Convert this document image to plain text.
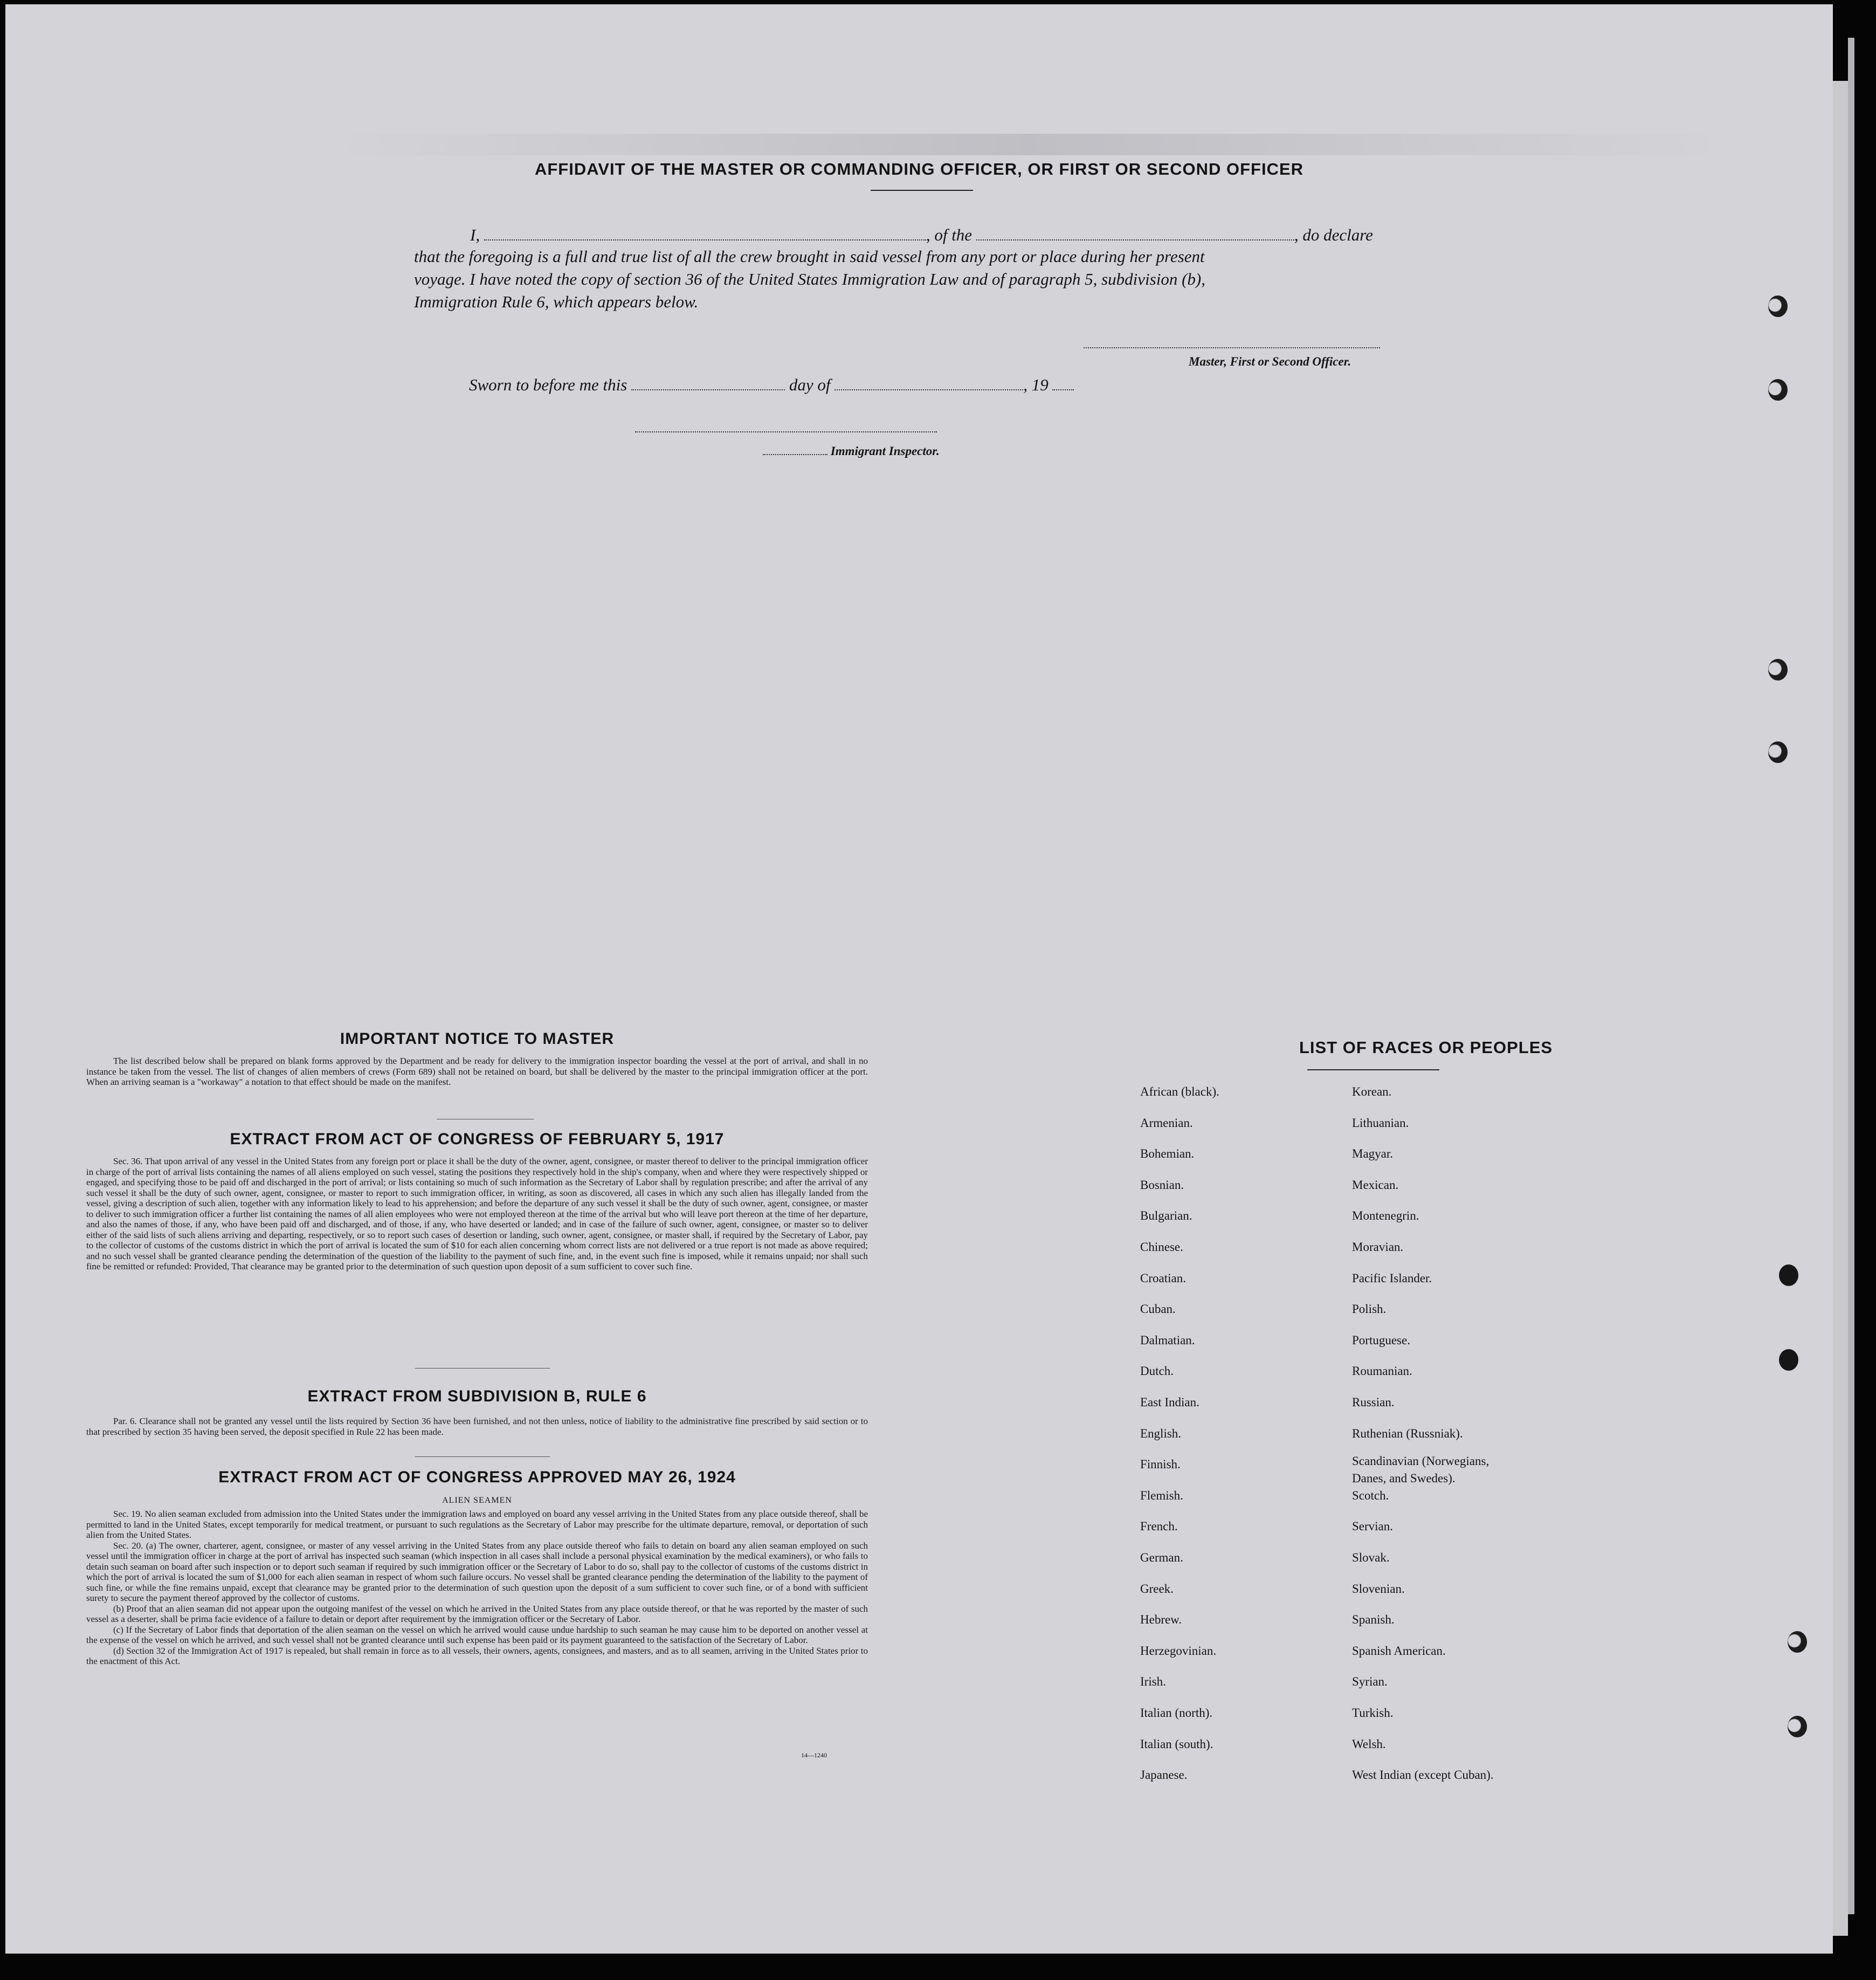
AFFIDAVIT OF THE MASTER OR COMMANDING OFFICER, OR FIRST OR SECOND OFFICER
I,	, of the	, do declare
that the foregoing is a full and true list of all the crew brought in said vessel from any port or place during her present
voyage. I have noted the copy of section 36 of the United States Immigration Law and of paragraph 5, subdivision (b),
Immigration Rule 6, which appears below.
Master, First or Second Officer.
Sworn to before me this	day of	, 19
Immigrant Inspector.
IMPORTANT NOTICE TO MASTER

The list described below shall be prepared on blank forms approved by the Department and be ready for delivery to the immigration inspector boarding the vessel at the port of arrival, and shall in no instance be taken from the vessel. The list of changes of alien members of crews (Form 689) shall not be retained on board, but shall be delivered by the master to the principal immigration officer at the port. When an arriving seaman is a "workaway" a notation to that effect should be made on the manifest.

EXTRACT FROM ACT OF CONGRESS OF FEBRUARY 5, 1917

Sec. 36. That upon arrival of any vessel in the United States from any foreign port or place it shall be the duty of the owner, agent, consignee, or master thereof to deliver to the principal immigration officer in charge of the port of arrival lists containing the names of all aliens employed on such vessel, stating the positions they respectively hold in the ship's company, when and where they were respectively shipped or engaged, and specifying those to be paid off and discharged in the port of arrival; or lists containing so much of such information as the Secretary of Labor shall by regulation prescribe; and after the arrival of any such vessel it shall be the duty of such owner, agent, consignee, or master to report to such immigration officer, in writing, as soon as discovered, all cases in which any such alien has illegally landed from the vessel, giving a description of such alien, together with any information likely to lead to his apprehension; and before the departure of any such vessel it shall be the duty of such owner, agent, consignee, or master to deliver to such immigration officer a further list containing the names of all alien employees who were not employed thereon at the time of the arrival but who will leave port thereon at the time of her departure, and also the names of those, if any, who have been paid off and discharged, and of those, if any, who have deserted or landed; and in case of the failure of such owner, agent, consignee, or master so to deliver either of the said lists of such aliens arriving and departing, respectively, or so to report such cases of desertion or landing, such owner, agent, consignee, or master shall, if required by the Secretary of Labor, pay to the collector of customs of the customs district in which the port of arrival is located the sum of $10 for each alien concerning whom correct lists are not delivered or a true report is not made as above required; and no such vessel shall be granted clearance pending the determination of the question of the liability to the payment of such fine, and, in the event such fine is imposed, while it remains unpaid; nor shall such fine be remitted or refunded: Provided, That clearance may be granted prior to the determination of such question upon deposit of a sum sufficient to cover such fine.

EXTRACT FROM SUBDIVISION B, RULE 6

Par. 6. Clearance shall not be granted any vessel until the lists required by Section 36 have been furnished, and not then unless, notice of liability to the administrative fine prescribed by said section or to that prescribed by section 35 having been served, the deposit specified in Rule 22 has been made.

EXTRACT FROM ACT OF CONGRESS APPROVED MAY 26, 1924
ALIEN SEAMEN

Sec. 19. No alien seaman excluded from admission into the United States under the immigration laws and employed on board any vessel arriving in the United States from any place outside thereof, shall be permitted to land in the United States, except temporarily for medical treatment, or pursuant to such regulations as the Secretary of Labor may prescribe for the ultimate departure, removal, or deportation of such alien from the United States.

Sec. 20. (a) The owner, charterer, agent, consignee, or master of any vessel arriving in the United States from any place outside thereof who fails to detain on board any alien seaman employed on such vessel until the immigration officer in charge at the port of arrival has inspected such seaman (which inspection in all cases shall include a personal physical examination by the medical examiners), or who fails to detain such seaman on board after such inspection or to deport such seaman if required by such immigration officer or the Secretary of Labor to do so, shall pay to the collector of customs of the customs district in which the port of arrival is located the sum of $1,000 for each alien seaman in respect of whom such failure occurs. No vessel shall be granted clearance pending the determination of the liability to the payment of such fine, or while the fine remains unpaid, except that clearance may be granted prior to the determination of such question upon the deposit of a sum sufficient to cover such fine, or of a bond with sufficient surety to secure the payment thereof approved by the collector of customs.

(b) Proof that an alien seaman did not appear upon the outgoing manifest of the vessel on which he arrived in the United States from any place outside thereof, or that he was reported by the master of such vessel as a deserter, shall be prima facie evidence of a failure to detain or deport after requirement by the immigration officer or the Secretary of Labor.

(c) If the Secretary of Labor finds that deportation of the alien seaman on the vessel on which he arrived would cause undue hardship to such seaman he may cause him to be deported on another vessel at the expense of the vessel on which he arrived, and such vessel shall not be granted clearance until such expense has been paid or its payment guaranteed to the satisfaction of the Secretary of Labor.

(d) Section 32 of the Immigration Act of 1917 is repealed, but shall remain in force as to all vessels, their owners, agents, consignees, and masters, and as to all seamen, arriving in the United States prior to the enactment of this Act.

14—1240
LIST OF RACES OR PEOPLES
African (black).
Armenian.
Bohemian.
Bosnian.
Bulgarian.
Chinese.
Croatian.
Cuban.
Dalmatian.
Dutch.
East Indian.
English.
Finnish.
Flemish.
French.
German.
Greek.
Hebrew.
Herzegovinian.
Irish.
Italian (north).
Italian (south).
Japanese.
Korean.
Lithuanian.
Magyar.
Mexican.
Montenegrin.
Moravian.
Pacific Islander.
Polish.
Portuguese.
Roumanian.
Russian.
Ruthenian (Russniak).
Scandinavian (Norwegians,
Danes, and Swedes).
Scotch.
Servian.
Slovak.
Slovenian.
Spanish.
Spanish American.
Syrian.
Turkish.
Welsh.
West Indian (except Cuban).
